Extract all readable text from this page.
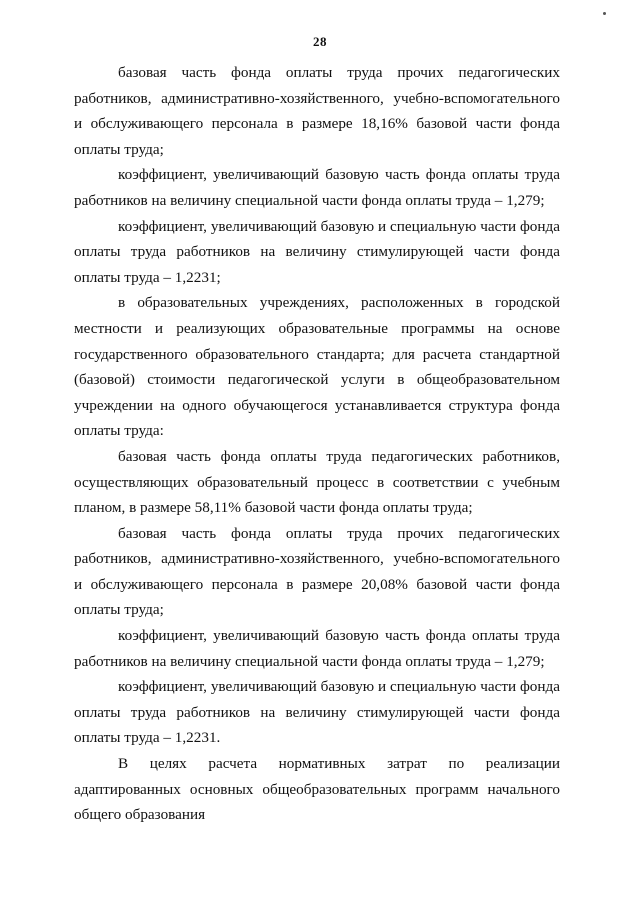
28

базовая часть фонда оплаты труда прочих педагогических работников, административно-хозяйственного, учебно-вспомогательного и обслуживающего персонала в размере 18,16% базовой части фонда оплаты труда;

коэффициент, увеличивающий базовую часть фонда оплаты труда работников на величину специальной части фонда оплаты труда – 1,279;

коэффициент, увеличивающий базовую и специальную части фонда оплаты труда работников на величину стимулирующей части фонда оплаты труда – 1,2231;

в образовательных учреждениях, расположенных в городской местности и реализующих образовательные программы на основе государственного образовательного стандарта; для расчета стандартной (базовой) стоимости педагогической услуги в общеобразовательном учреждении на одного обучающегося устанавливается структура фонда оплаты труда:

базовая часть фонда оплаты труда педагогических работников, осуществляющих образовательный процесс в соответствии с учебным планом, в размере 58,11% базовой части фонда оплаты труда;

базовая часть фонда оплаты труда прочих педагогических работников, административно-хозяйственного, учебно-вспомогательного и обслуживающего персонала в размере 20,08% базовой части фонда оплаты труда;

коэффициент, увеличивающий базовую часть фонда оплаты труда работников на величину специальной части фонда оплаты труда – 1,279;

коэффициент, увеличивающий базовую и специальную части фонда оплаты труда работников на величину стимулирующей части фонда оплаты труда – 1,2231.

В целях расчета нормативных затрат по реализации адаптированных основных общеобразовательных программ начального общего образования
